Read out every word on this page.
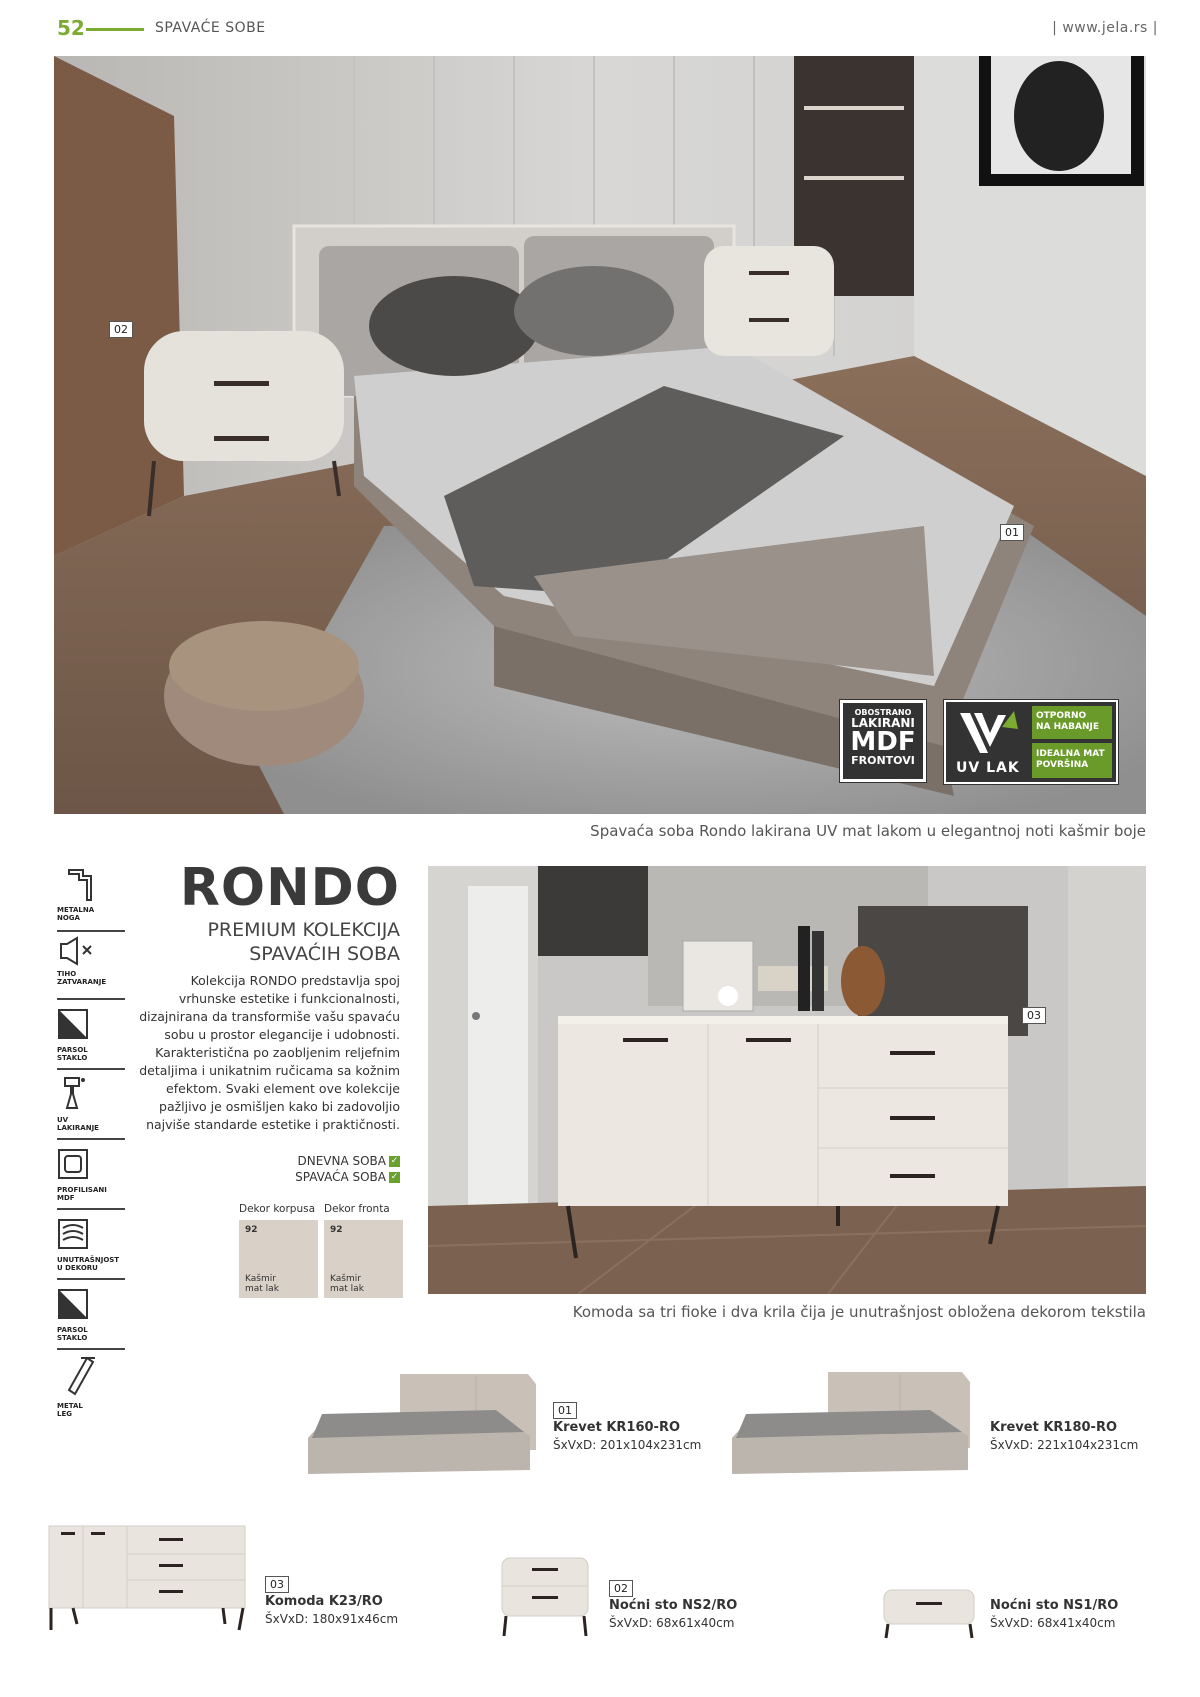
52	SPAVAĆE SOBE	| www.jela.rs |
02
01
OBOSTRANO
LAKIRANI
MDF
FRONTOVI	UV LAK
OTPORNO
NA HABANJE
IDEALNA MAT
POVRŠINA
Spavaća soba Rondo lakirana UV mat lakom u elegantnoj noti kašmir boje
METALNA
NOGA
TIHO
ZATVARANJE
PARSOL
STAKLO
UV
LAKIRANJE
PROFILISANI
MDF
UNUTRAŠNJOST
U DEKORU
PARSOL
STAKLO
METAL
LEG
RONDO
PREMIUM KOLEKCIJA
SPAVAĆIH SOBA
Kolekcija RONDO predstavlja spoj vrhunske estetike i funkcionalnosti, dizajnirana da transformiše vašu spavaću sobu u prostor elegancije i udobnosti. Karakteristična po zaobljenim reljefnim detaljima i unikatnim ručicama sa kožnim efektom. Svaki element ove kolekcije pažljivo je osmišljen kako bi zadovoljio najviše standarde estetike i praktičnosti.
DNEVNA SOBA ✓
SPAVAĆA SOBA ✓
Dekor korpusa Dekor fronta
92
Kašmir
mat lak
92
Kašmir
mat lak
03
Komoda sa tri fioke i dva krila čija je unutrašnjost obložena dekorom tekstila
01
Krevet KR160-RO
ŠxVxD: 201x104x231cm
Krevet KR180-RO
ŠxVxD: 221x104x231cm
03
Komoda K23/RO
ŠxVxD: 180x91x46cm
02
Noćni sto NS2/RO
ŠxVxD: 68x61x40cm
Noćni sto NS1/RO
ŠxVxD: 68x41x40cm
